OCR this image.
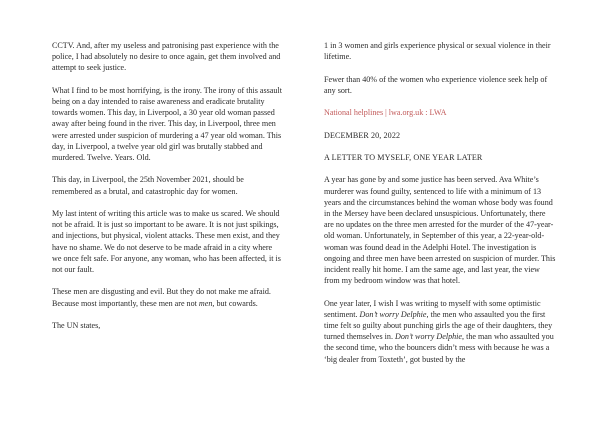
CCTV. And, after my useless and patronising past experience with the police, I had absolutely no desire to once again, get them involved and attempt to seek justice.

What I find to be most horrifying, is the irony. The irony of this assault being on a day intended to raise awareness and eradicate brutality towards women. This day, in Liverpool, a 30 year old woman passed away after being found in the river. This day, in Liverpool, three men were arrested under suspicion of murdering a 47 year old woman. This day, in Liverpool, a twelve year old girl was brutally stabbed and murdered. Twelve. Years. Old.

This day, in Liverpool, the 25th November 2021, should be remembered as a brutal, and catastrophic day for women.

My last intent of writing this article was to make us scared. We should not be afraid. It is just so important to be aware. It is not just spikings, and injections, but physical, violent attacks. These men exist, and they have no shame. We do not deserve to be made afraid in a city where we once felt safe. For anyone, any woman, who has been affected, it is not our fault.

These men are disgusting and evil. But they do not make me afraid. Because most importantly, these men are not men, but cowards.

The UN states,

1 in 3 women and girls experience physical or sexual violence in their lifetime.

Fewer than 40% of the women who experience violence seek help of any sort.

National helplines | lwa.org.uk : LWA

DECEMBER 20, 2022

A LETTER TO MYSELF, ONE YEAR LATER

A year has gone by and some justice has been served. Ava White’s murderer was found guilty, sentenced to life with a minimum of 13 years and the circumstances behind the woman whose body was found in the Mersey have been declared unsuspicious. Unfortunately, there are no updates on the three men arrested for the murder of the 47-year-old woman. Unfortunately, in September of this year, a 22-year-old-woman was found dead in the Adelphi Hotel. The investigation is ongoing and three men have been arrested on suspicion of murder. This incident really hit home. I am the same age, and last year, the view from my bedroom window was that hotel.

One year later, I wish I was writing to myself with some optimistic sentiment. Don’t worry Delphie, the men who assaulted you the first time felt so guilty about punching girls the age of their daughters, they turned themselves in. Don’t worry Delphie, the man who assaulted you the second time, who the bouncers didn’t mess with because he was a ‘big dealer from Toxteth’, got busted by the
